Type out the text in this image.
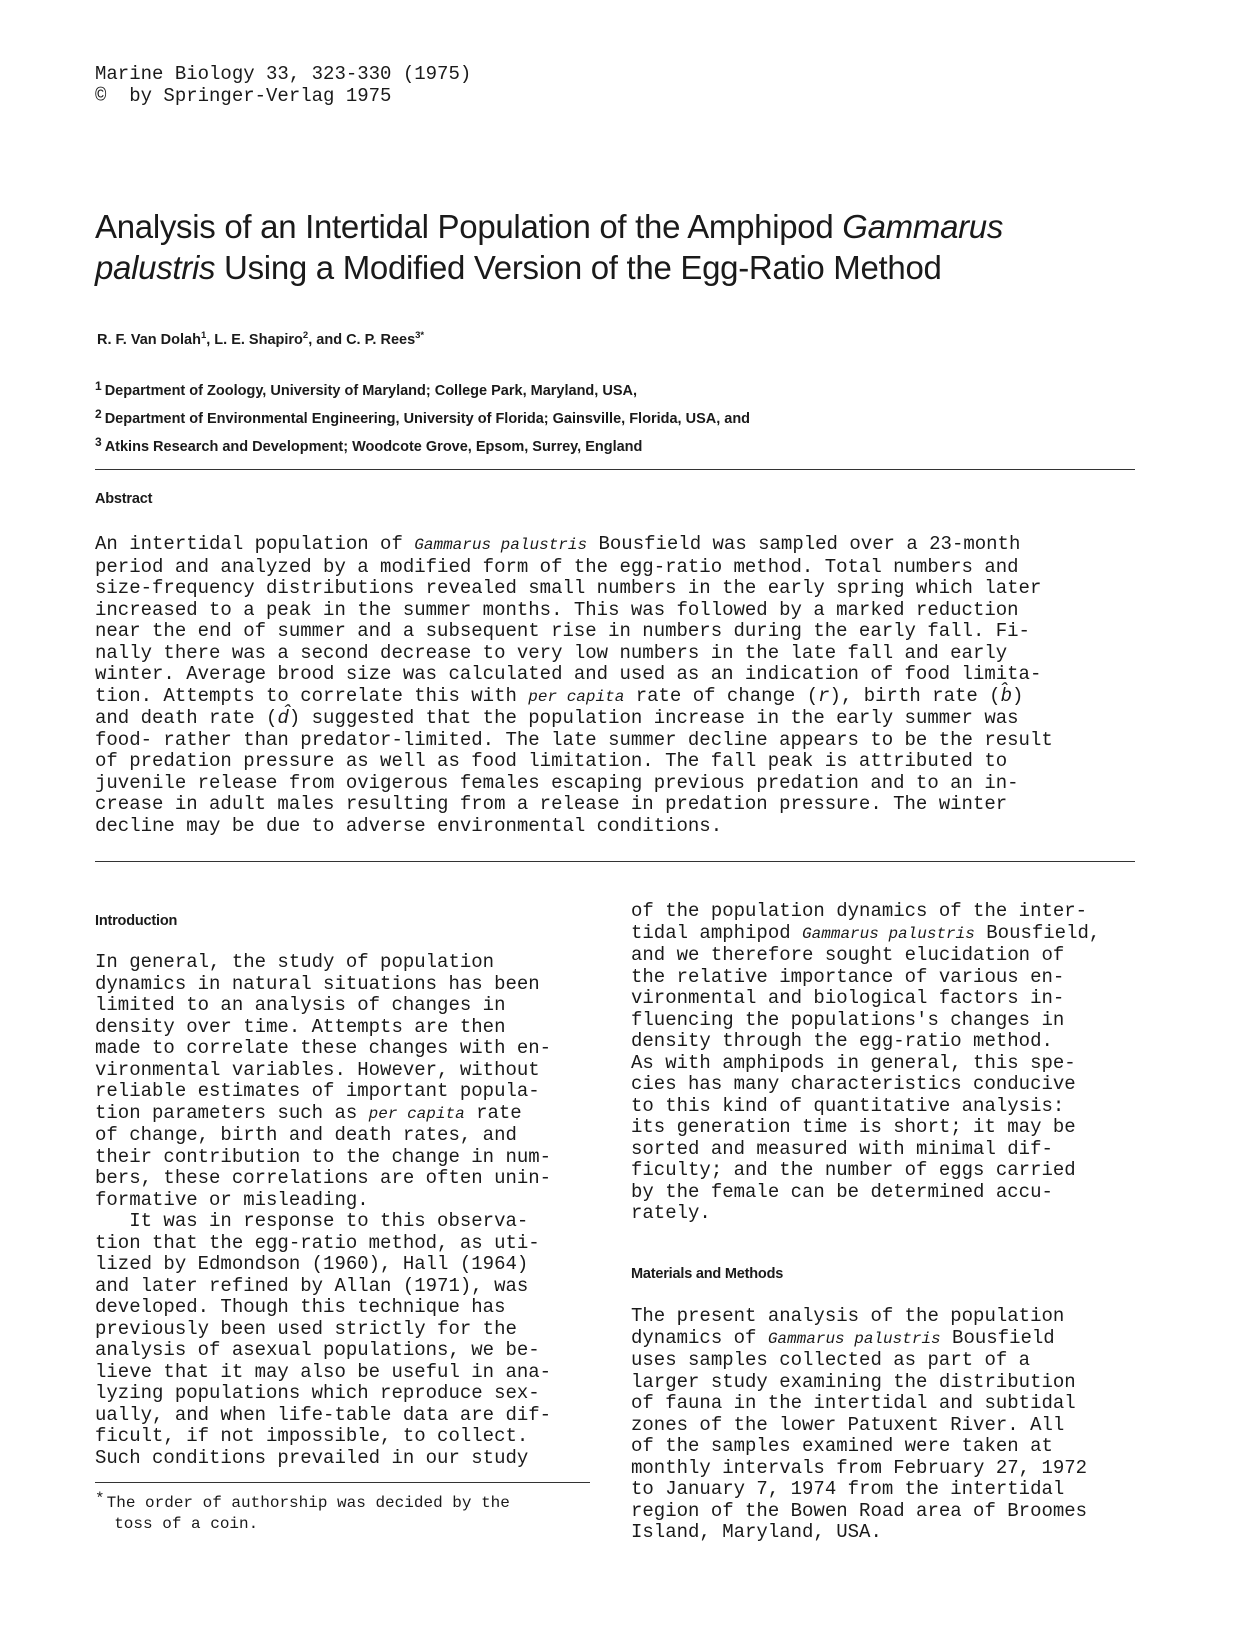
Marine Biology 33, 323-330 (1975)
©  by Springer-Verlag 1975
Analysis of an Intertidal Population of the Amphipod Gammarus
palustris Using a Modified Version of the Egg-Ratio Method
R. F. Van Dolah$^1$, L. E. Shapiro$^2$, and C. P. Rees$^{3*}$
$^1$ Department of Zoology, University of Maryland; College Park, Maryland, USA,
$^2$ Department of Environmental Engineering, University of Florida; Gainsville, Florida, USA, and
$^3$ Atkins Research and Development; Woodcote Grove, Epsom, Surrey, England
Abstract
An intertidal population of Gammarus palustris Bousfield was sampled over a 23-month
period and analyzed by a modified form of the egg-ratio method. Total numbers and
size-frequency distributions revealed small numbers in the early spring which later
increased to a peak in the summer months. This was followed by a marked reduction
near the end of summer and a subsequent rise in numbers during the early fall. Fi-
nally there was a second decrease to very low numbers in the late fall and early
winter. Average brood size was calculated and used as an indication of food limita-
tion. Attempts to correlate this with per capita rate of change (r), birth rate (b̂)
and death rate (d̂) suggested that the population increase in the early summer was
food- rather than predator-limited. The late summer decline appears to be the result
of predation pressure as well as food limitation. The fall peak is attributed to
juvenile release from ovigerous females escaping previous predation and to an in-
crease in adult males resulting from a release in predation pressure. The winter
decline may be due to adverse environmental conditions.
Introduction
In general, the study of population
dynamics in natural situations has been
limited to an analysis of changes in
density over time. Attempts are then
made to correlate these changes with en-
vironmental variables. However, without
reliable estimates of important popula-
tion parameters such as per capita rate
of change, birth and death rates, and
their contribution to the change in num-
bers, these correlations are often unin-
formative or misleading.
It was in response to this observa-
tion that the egg-ratio method, as uti-
lized by Edmondson (1960), Hall (1964)
and later refined by Allan (1971), was
developed. Though this technique has
previously been used strictly for the
analysis of asexual populations, we be-
lieve that it may also be useful in ana-
lyzing populations which reproduce sex-
ually, and when life-table data are dif-
ficult, if not impossible, to collect.
Such conditions prevailed in our study
of the population dynamics of the inter-
tidal amphipod Gammarus palustris Bousfield,
and we therefore sought elucidation of
the relative importance of various en-
vironmental and biological factors in-
fluencing the populations's changes in
density through the egg-ratio method.
As with amphipods in general, this spe-
cies has many characteristics conducive
to this kind of quantitative analysis:
its generation time is short; it may be
sorted and measured with minimal dif-
ficulty; and the number of eggs carried
by the female can be determined accu-
rately.
Materials and Methods
The present analysis of the population
dynamics of Gammarus palustris Bousfield
uses samples collected as part of a
larger study examining the distribution
of fauna in the intertidal and subtidal
zones of the lower Patuxent River. All
of the samples examined were taken at
monthly intervals from February 27, 1972
to January 7, 1974 from the intertidal
region of the Bowen Road area of Broomes
Island, Maryland, USA.
* The order of authorship was decided by the
toss of a coin.
